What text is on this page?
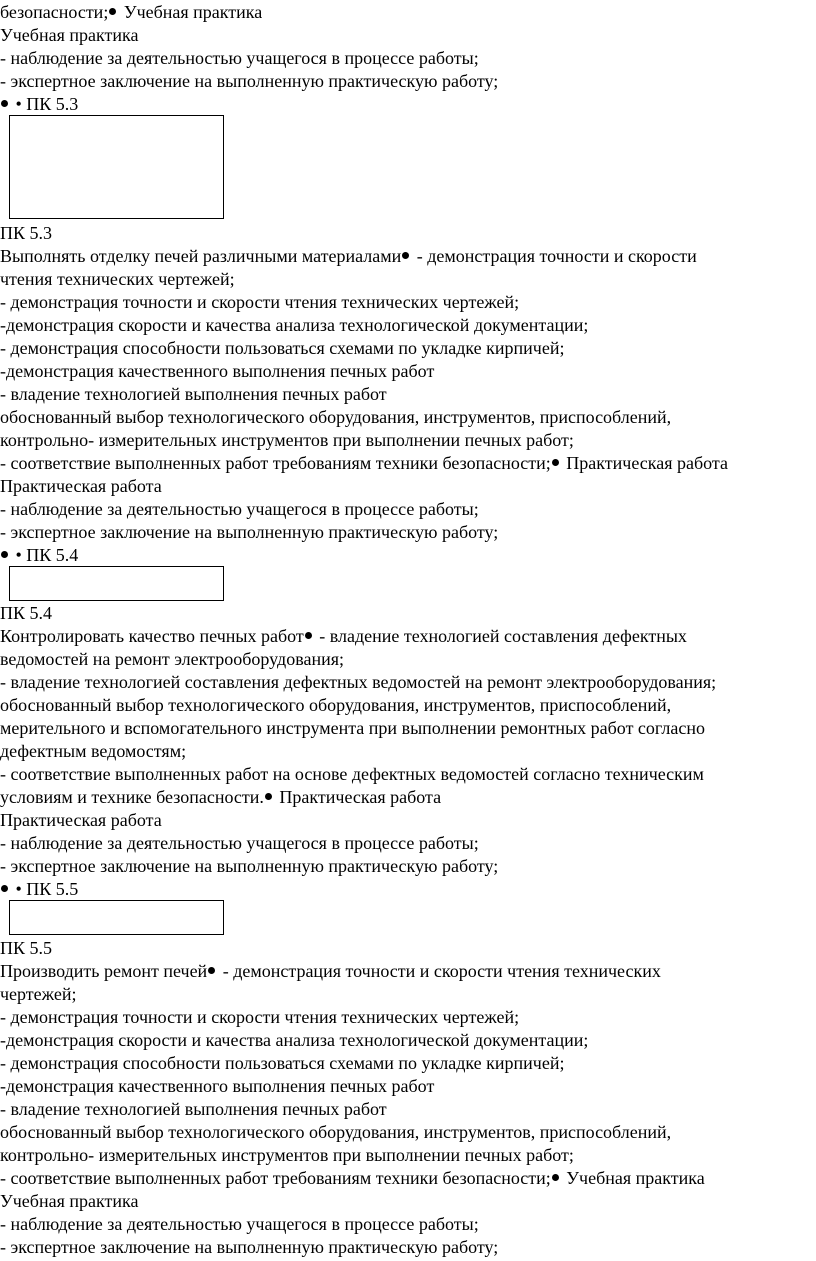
безопасности; Учебная практика
Учебная практика
- наблюдение за деятельностью учащегося в процессе работы;
- экспертное заключение на выполненную практическую работу;
• ПК 5.3
ПК 5.3
Выполнять отделку печей различными материалами - демонстрация точности и скорости
чтения технических чертежей;
- демонстрация точности и скорости чтения технических чертежей;
-демонстрация скорости и качества анализа технологической документации;
- демонстрация способности пользоваться схемами по укладке кирпичей;
-демонстрация качественного выполнения печных работ
- владение технологией выполнения печных работ
обоснованный выбор технологического оборудования, инструментов, приспособлений,
контрольно- измерительных инструментов при выполнении печных работ;
- соответствие выполненных работ требованиям техники безопасности; Практическая работа
Практическая работа
- наблюдение за деятельностью учащегося в процессе работы;
- экспертное заключение на выполненную практическую работу;
• ПК 5.4
ПК 5.4
Контролировать качество печных работ - владение технологией составления дефектных
ведомостей на ремонт электрооборудования;
- владение технологией составления дефектных ведомостей на ремонт электрооборудования;
обоснованный выбор технологического оборудования, инструментов, приспособлений,
мерительного и вспомогательного инструмента при выполнении ремонтных работ согласно
дефектным ведомостям;
- соответствие выполненных работ на основе дефектных ведомостей согласно техническим
условиям и технике безопасности. Практическая работа
Практическая работа
- наблюдение за деятельностью учащегося в процессе работы;
- экспертное заключение на выполненную практическую работу;
• ПК 5.5
ПК 5.5
Производить ремонт печей - демонстрация точности и скорости чтения технических
чертежей;
- демонстрация точности и скорости чтения технических чертежей;
-демонстрация скорости и качества анализа технологической документации;
- демонстрация способности пользоваться схемами по укладке кирпичей;
-демонстрация качественного выполнения печных работ
- владение технологией выполнения печных работ
обоснованный выбор технологического оборудования, инструментов, приспособлений,
контрольно- измерительных инструментов при выполнении печных работ;
- соответствие выполненных работ требованиям техники безопасности; Учебная практика
Учебная практика
- наблюдение за деятельностью учащегося в процессе работы;
- экспертное заключение на выполненную практическую работу;
